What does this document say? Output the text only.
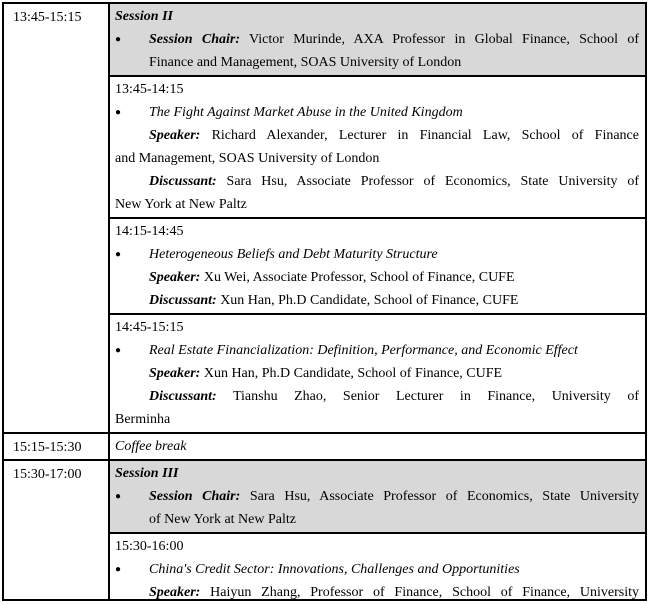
13:45-15:15	Session II
● Session Chair: Victor Murinde, AXA Professor in Global Finance, School of
Finance and Management, SOAS University of London
13:45-14:15
● The Fight Against Market Abuse in the United Kingdom
Speaker: Richard Alexander, Lecturer in Financial Law, School of Finance
and Management, SOAS University of London
Discussant: Sara Hsu, Associate Professor of Economics, State University of
New York at New Paltz
14:15-14:45
● Heterogeneous Beliefs and Debt Maturity Structure
Speaker: Xu Wei, Associate Professor, School of Finance, CUFE
Discussant: Xun Han, Ph.D Candidate, School of Finance, CUFE
14:45-15:15
● Real Estate Financialization: Definition, Performance, and Economic Effect
Speaker: Xun Han, Ph.D Candidate, School of Finance, CUFE
Discussant: Tianshu Zhao, Senior Lecturer in Finance, University of
Berminha
15:15-15:30	Coffee break
15:30-17:00	Session III
● Session Chair: Sara Hsu, Associate Professor of Economics, State University
of New York at New Paltz
15:30-16:00
● China's Credit Sector: Innovations, Challenges and Opportunities
Speaker: Haiyun Zhang, Professor of Finance, School of Finance, University
